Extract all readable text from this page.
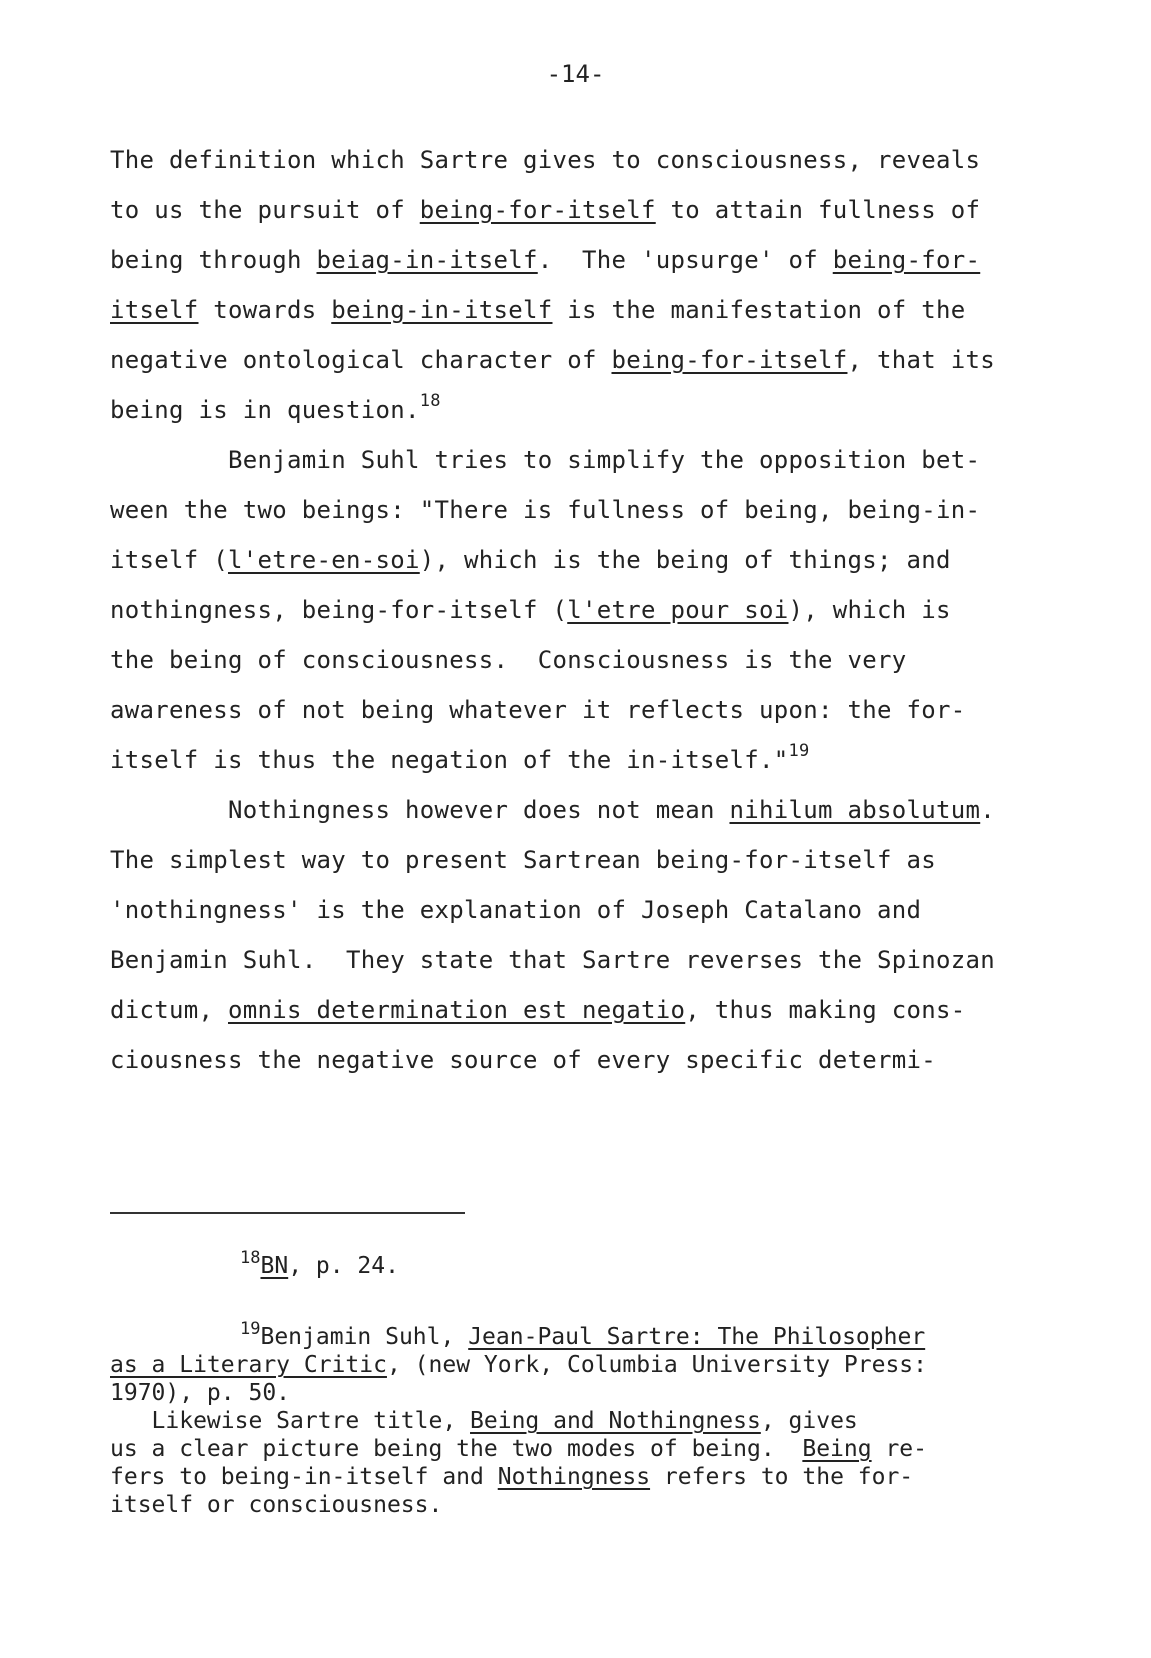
-14-
The definition which Sartre gives to consciousness, reveals
to us the pursuit of being-for-itself to attain fullness of
being through beiag-in-itself.  The 'upsurge' of being-for-
itself towards being-in-itself is the manifestation of the
negative ontological character of being-for-itself, that its
being is in question.$^{18}$
Benjamin Suhl tries to simplify the opposition bet-
ween the two beings: "There is fullness of being, being-in-
itself (l'etre-en-soi), which is the being of things; and
nothingness, being-for-itself (l'etre pour soi), which is
the being of consciousness.  Consciousness is the very
awareness of not being whatever it reflects upon: the for-
itself is thus the negation of the in-itself."$^{19}$
Nothingness however does not mean nihilum absolutum.
The simplest way to present Sartrean being-for-itself as
'nothingness' is the explanation of Joseph Catalano and
Benjamin Suhl.  They state that Sartre reverses the Spinozan
dictum, omnis determination est negatio, thus making cons-
ciousness the negative source of every specific determi-
$^{18}$BN, p. 24.
$^{19}$Benjamin Suhl, Jean-Paul Sartre: The Philosopher
as a Literary Critic, (new York, Columbia University Press:
1970), p. 50.
Likewise Sartre title, Being and Nothingness, gives
us a clear picture being the two modes of being.  Being re-
fers to being-in-itself and Nothingness refers to the for-
itself or consciousness.
